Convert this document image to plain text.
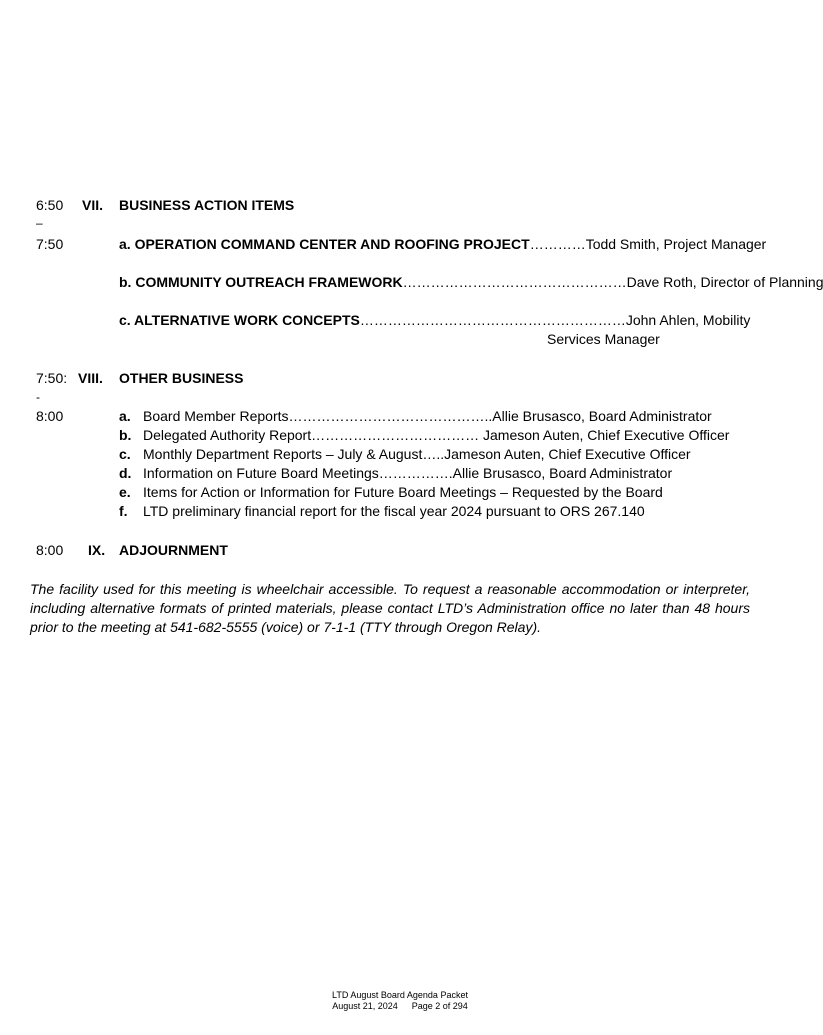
6:50
–
7:50
VII. BUSINESS ACTION ITEMS
a. OPERATION COMMAND CENTER AND ROOFING PROJECT…………Todd Smith, Project Manager
b. COMMUNITY OUTREACH FRAMEWORK…………………………………………Dave Roth, Director of Planning
c. ALTERNATIVE WORK CONCEPTS…………………………………………………John Ahlen, Mobility
Services Manager
7:50:
-
8:00
VIII. OTHER BUSINESS
a. Board Member Reports……………………………………..Allie Brusasco, Board Administrator
b. Delegated Authority Report……………………………… Jameson Auten, Chief Executive Officer
c. Monthly Department Reports – July & August…..Jameson Auten, Chief Executive Officer
d. Information on Future Board Meetings…………….Allie Brusasco, Board Administrator
e. Items for Action or Information for Future Board Meetings – Requested by the Board
f. LTD preliminary financial report for the fiscal year 2024 pursuant to ORS 267.140
8:00 IX. ADJOURNMENT
The facility used for this meeting is wheelchair accessible. To request a reasonable accommodation or interpreter, including alternative formats of printed materials, please contact LTD’s Administration office no later than 48 hours prior to the meeting at 541-682-5555 (voice) or 7-1-1 (TTY through Oregon Relay).
LTD August Board Agenda Packet
August 21, 2024 Page 2 of 294
